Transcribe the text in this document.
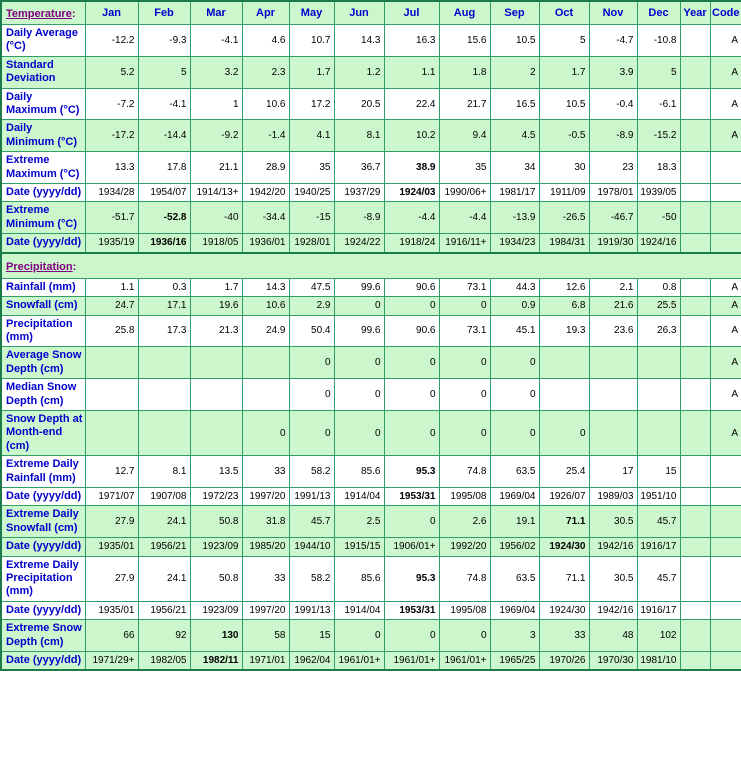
Temperature:	Jan	Feb	Mar	Apr	May	Jun	Jul	Aug	Sep	Oct	Nov	Dec	Year	Code
Daily Average (°C)	-12.2	-9.3	-4.1	4.6	10.7	14.3	16.3	15.6	10.5	5	-4.7	-10.8		A
Standard Deviation	5.2	5	3.2	2.3	1.7	1.2	1.1	1.8	2	1.7	3.9	5		A
Daily Maximum (°C)	-7.2	-4.1	1	10.6	17.2	20.5	22.4	21.7	16.5	10.5	-0.4	-6.1		A
Daily Minimum (°C)	-17.2	-14.4	-9.2	-1.4	4.1	8.1	10.2	9.4	4.5	-0.5	-8.9	-15.2		A
Extreme Maximum (°C)	13.3	17.8	21.1	28.9	35	36.7	38.9	35	34	30	23	18.3		
Date (yyyy/dd)	1934/28	1954/07	1914/13+	1942/20	1940/25	1937/29	1924/03	1990/06+	1981/17	1911/09	1978/01	1939/05		
Extreme Minimum (°C)	-51.7	-52.8	-40	-34.4	-15	-8.9	-4.4	-4.4	-13.9	-26.5	-46.7	-50		
Date (yyyy/dd)	1935/19	1936/16	1918/05	1936/01	1928/01	1924/22	1918/24	1916/11+	1934/23	1984/31	1919/30	1924/16		
Precipitation:														
Rainfall (mm)	1.1	0.3	1.7	14.3	47.5	99.6	90.6	73.1	44.3	12.6	2.1	0.8		A
Snowfall (cm)	24.7	17.1	19.6	10.6	2.9	0	0	0	0.9	6.8	21.6	25.5		A
Precipitation (mm)	25.8	17.3	21.3	24.9	50.4	99.6	90.6	73.1	45.1	19.3	23.6	26.3		A
Average Snow Depth (cm)					0	0	0	0	0					A
Median Snow Depth (cm)					0	0	0	0	0					A
Snow Depth at Month-end (cm)				0	0	0	0	0	0	0				A
Extreme Daily Rainfall (mm)	12.7	8.1	13.5	33	58.2	85.6	95.3	74.8	63.5	25.4	17	15		
Date (yyyy/dd)	1971/07	1907/08	1972/23	1997/20	1991/13	1914/04	1953/31	1995/08	1969/04	1926/07	1989/03	1951/10		
Extreme Daily Snowfall (cm)	27.9	24.1	50.8	31.8	45.7	2.5	0	2.6	19.1	71.1	30.5	45.7		
Date (yyyy/dd)	1935/01	1956/21	1923/09	1985/20	1944/10	1915/15	1906/01+	1992/20	1956/02	1924/30	1942/16	1916/17		
Extreme Daily Precipitation (mm)	27.9	24.1	50.8	33	58.2	85.6	95.3	74.8	63.5	71.1	30.5	45.7		
Date (yyyy/dd)	1935/01	1956/21	1923/09	1997/20	1991/13	1914/04	1953/31	1995/08	1969/04	1924/30	1942/16	1916/17		
Extreme Snow Depth (cm)	66	92	130	58	15	0	0	0	3	33	48	102		
Date (yyyy/dd)	1971/29+	1982/05	1982/11	1971/01	1962/04	1961/01+	1961/01+	1961/01+	1965/25	1970/26	1970/30	1981/10		
